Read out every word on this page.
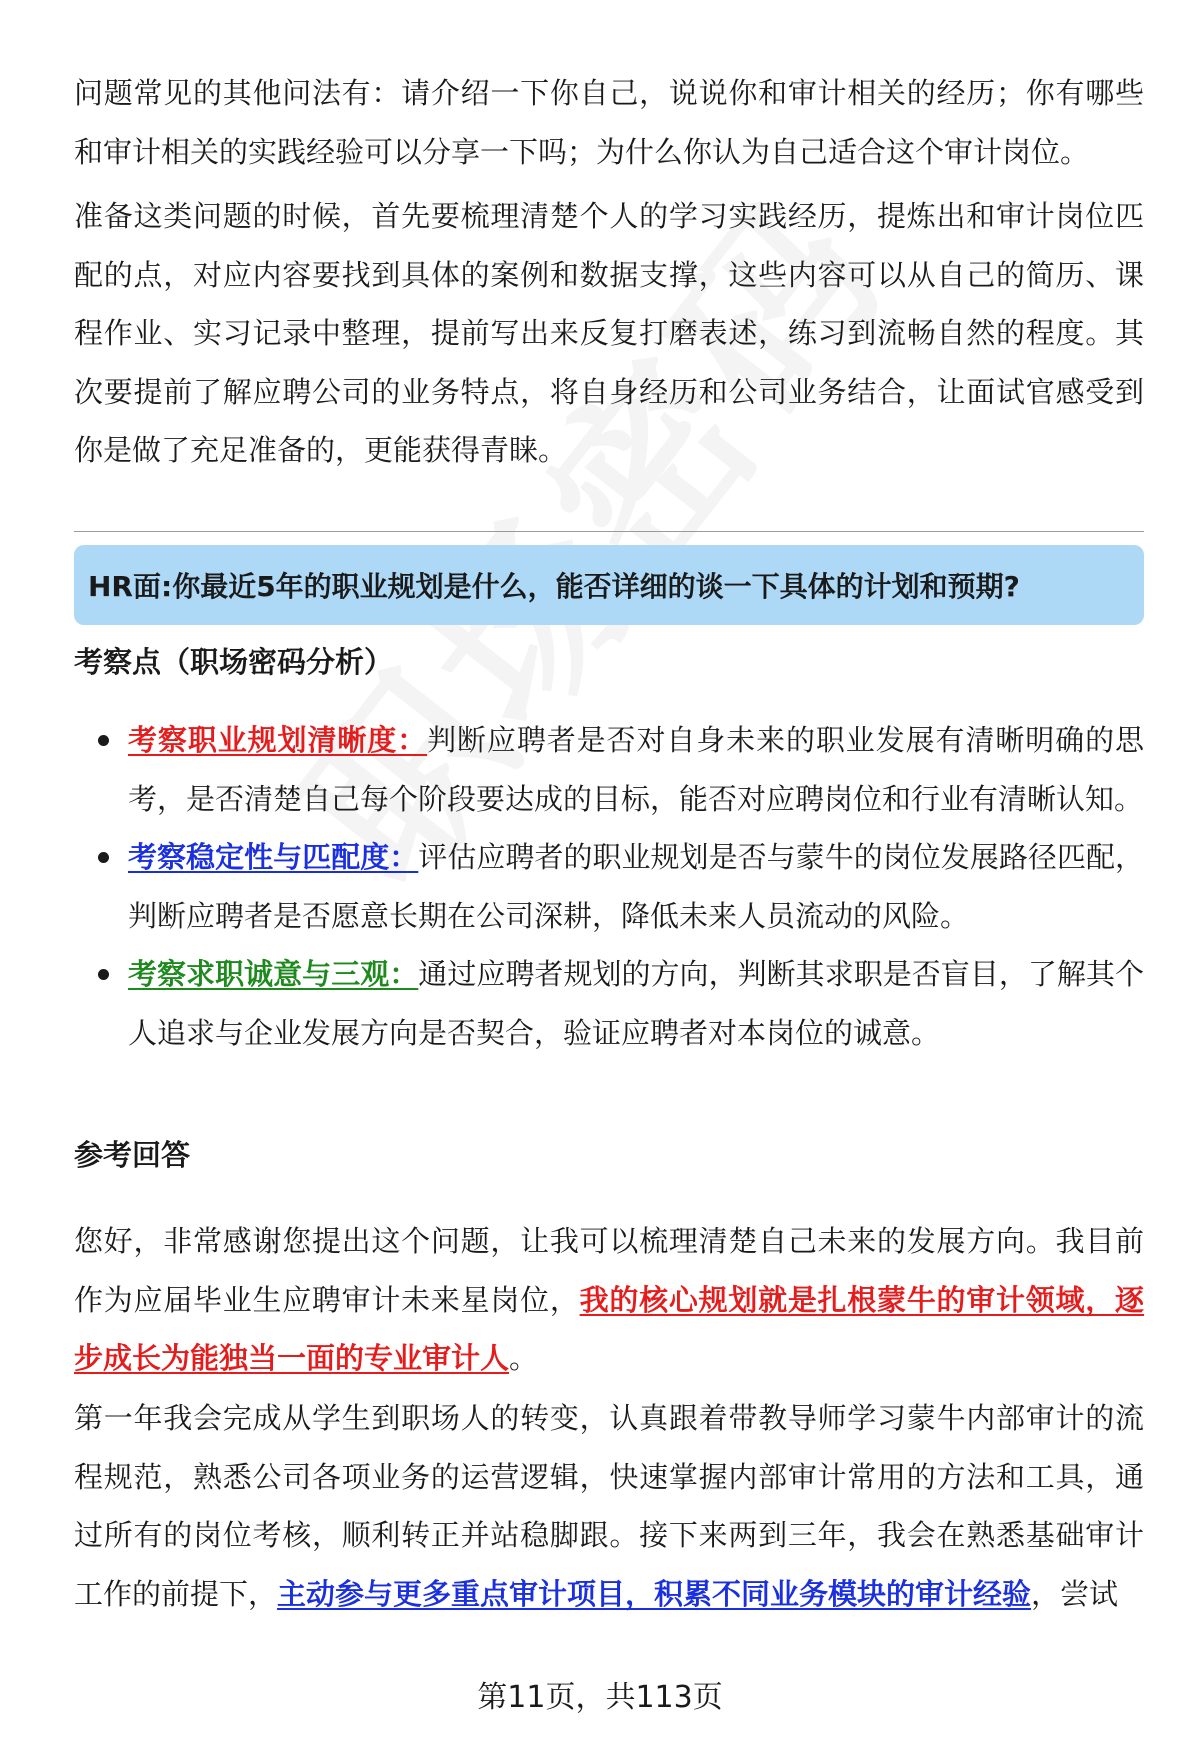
问题常见的其他问法有：请介绍一下你自己，说说你和审计相关的经历；你有哪些和审计相关的实践经验可以分享一下吗；为什么你认为自己适合这个审计岗位。

准备这类问题的时候，首先要梳理清楚个人的学习实践经历，提炼出和审计岗位匹配的点，对应内容要找到具体的案例和数据支撑，这些内容可以从自己的简历、课程作业、实习记录中整理，提前写出来反复打磨表述，练习到流畅自然的程度。其次要提前了解应聘公司的业务特点，将自身经历和公司业务结合，让面试官感受到你是做了充足准备的，更能获得青睐。

HR面:你最近5年的职业规划是什么，能否详细的谈一下具体的计划和预期?
考察点（职场密码分析）

考察职业规划清晰度：判断应聘者是否对自身未来的职业发展有清晰明确的思考，是否清楚自己每个阶段要达成的目标，能否对应聘岗位和行业有清晰认知。

考察稳定性与匹配度：评估应聘者的职业规划是否与蒙牛的岗位发展路径匹配，判断应聘者是否愿意长期在公司深耕，降低未来人员流动的风险。

考察求职诚意与三观：通过应聘者规划的方向，判断其求职是否盲目，了解其个人追求与企业发展方向是否契合，验证应聘者对本岗位的诚意。

参考回答

您好，非常感谢您提出这个问题，让我可以梳理清楚自己未来的发展方向。我目前作为应届毕业生应聘审计未来星岗位，我的核心规划就是扎根蒙牛的审计领域，逐步成长为能独当一面的专业审计人。

第一年我会完成从学生到职场人的转变，认真跟着带教导师学习蒙牛内部审计的流程规范，熟悉公司各项业务的运营逻辑，快速掌握内部审计常用的方法和工具，通过所有的岗位考核，顺利转正并站稳脚跟。接下来两到三年，我会在熟悉基础审计工作的前提下，主动参与更多重点审计项目，积累不同业务模块的审计经验，尝试

第11页，共113页
